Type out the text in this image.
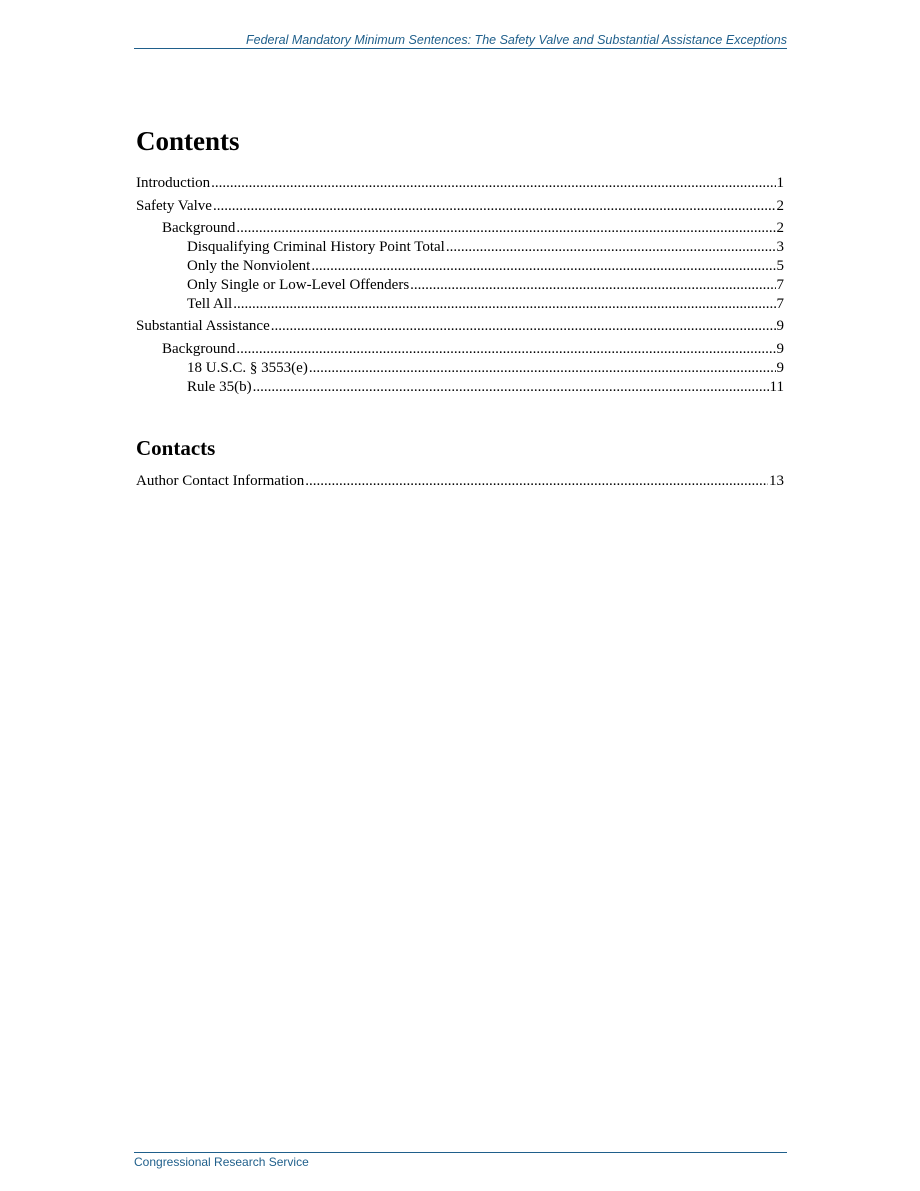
Federal Mandatory Minimum Sentences: The Safety Valve and Substantial Assistance Exceptions
Contents
Introduction .....	1
Safety Valve .....	2
Background .....	2
Disqualifying Criminal History Point Total .....	3
Only the Nonviolent .....	5
Only Single or Low-Level Offenders .....	7
Tell All .....	7
Substantial Assistance .....	9
Background .....	9
18 U.S.C. § 3553(e) .....	9
Rule 35(b) .....	11
Contacts
Author Contact Information .....	13
Congressional Research Service
